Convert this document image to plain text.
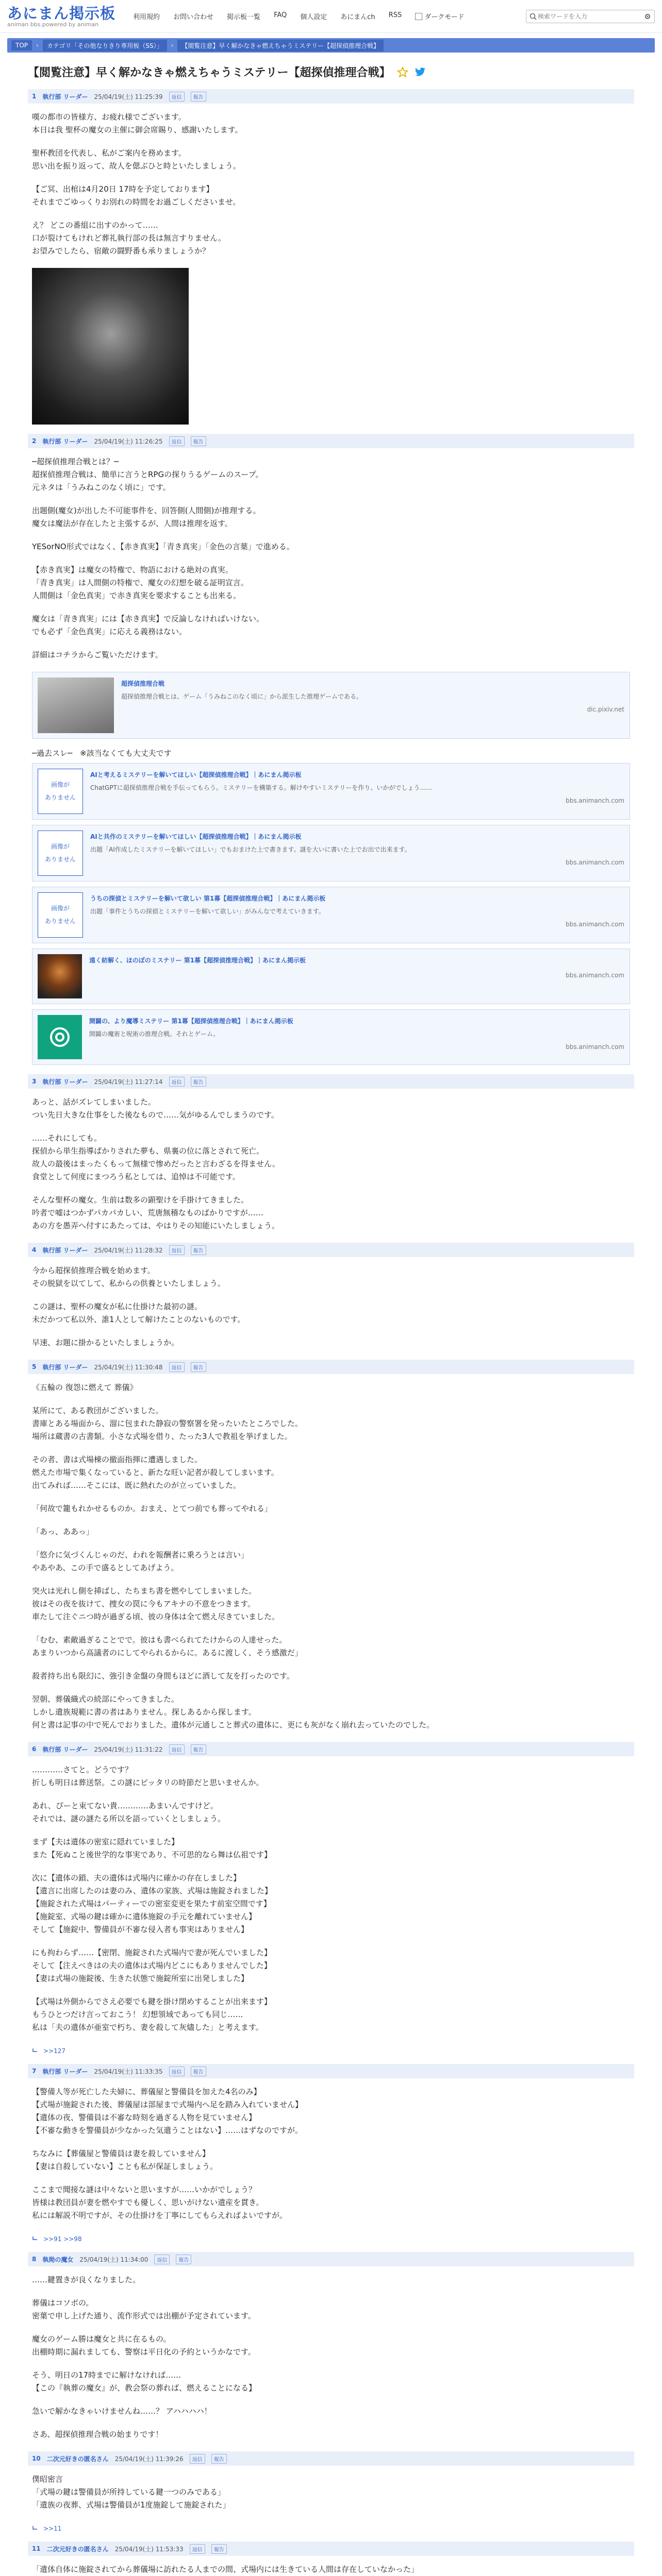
あにまん掲示板
animan bbs.powered by animan
利用規約 お問い合わせ 掲示板一覧 FAQ 個人設定 あにまんch RSS	ダークモード
検索ワードを入力
TOP	›	カテゴリ「その他なりきり専用板（SS）」	›	【閲覧注意】早く解かなきゃ燃えちゃうミステリー【超探偵推理合戦】
【閲覧注意】早く解かなきゃ燃えちゃうミステリー【超探偵推理合戦】
1 執行部 リーダー 25/04/19(土) 11:25:39	返信	報告
嘆の都市の皆様方、お疲れ様でございます。
本日は我 聖杯の魔女の主催に御会席賜り、感謝いたします。
聖杯教団を代表し、私がご案内を務めます。
思い出を振り返って、故人を偲ぶひと時といたしましょう。
【ご冥、出棺は4月20日 17時を予定しております】
それまでごゆっくりお別れの時間をお過ごしくださいませ。
え？ どこの番組に出すのかって……
口が裂けてもけれど葬礼執行部の長は無言すりません。
お望みでしたら、宿敵の闘野番も承りましょうか？
2 執行部 リーダー 25/04/19(土) 11:26:25	返信	報告
─超探偵推理合戦とは？─
超探偵推理合戦は、簡単に言うとRPGの探りうるゲームのスープ。
元ネタは「うみねこのなく頃に」です。
出題側(魔女)が出した不可能事件を、回答側(人間側)が推理する。
魔女は魔法が存在したと主張するが、人間は推理を返す。
YESorNO形式ではなく、【赤き真実】「青き真実」「金色の言葉」で進める。
【赤き真実】は魔女の特権で、物語における絶対の真実。
「青き真実」は人間側の特権で、魔女の幻想を破る証明宣言。
人間側は「金色真実」で赤き真実を要求することも出来る。
魔女は「青き真実」には【赤き真実】で反論しなければいけない。
でも必ず「金色真実」に応える義務はない。
詳細はコチラからご覧いただけます。
超探偵推理合戦
超探偵推理合戦とは、ゲーム「うみねこのなく頃に」から派生した推理ゲームである。
dic.pixiv.net
─過去スレ─　※該当なくても大丈夫です
画像が
ありません
AIと考えるミステリーを解いてほしい【超探偵推理合戦】｜あにまん掲示板
ChatGPTに超探偵推理合戦を手伝ってもらう。ミステリーを構築する。解けやすいミステリーを作り、いかがでしょう……
bbs.animanch.com
画像が
ありません
AIと共作のミステリーを解いてほしい【超探偵推理合戦】｜あにまん掲示板
出題「AI作成したミステリーを解いてほしい」でもおまけた上で書きます。謎を大いに書いた上でお出で出来ます。
bbs.animanch.com
画像が
ありません
うちの探偵とミステリーを解いて欲しい 第1幕【超探偵推理合戦】｜あにまん掲示板
出題「事件とうちの探偵とミステリーを解いて欲しい」がみんなで考えていきます。
bbs.animanch.com
遠く紡解く、ほのぼのミステリー 第1幕【超探偵推理合戦】｜あにまん掲示板
bbs.animanch.com
開闢の、より魔導ミステリー 第1幕【超探偵推理合戦】｜あにまん掲示板
開闢の魔術と呪術の推理合戦。それとゲーム。
bbs.animanch.com
3 執行部 リーダー 25/04/19(土) 11:27:14	返信	報告
あっと、話がズレてしまいました。
つい先日大きな仕事をした後なもので……気がゆるんでしまうのです。
……それにしても。
探偵から単生指導ぱかりされた夢も、県裏の位に落とされて死亡。
故人の最後はまったくもって無様で惨めだったと言わざるを得ません。
食堂として何度にまつろう私としては、追悼は不可能です。
そんな聖杯の魔女。生前は数多の顕聖けを手掛けてきました。
吟者で嘘はつかずパカパカしい、荒唐無稽なものばかりですが……
あの方を愚弄へ付すにあたっては、やはりその知能にいたしましょう。
4 執行部 リーダー 25/04/19(土) 11:28:32	返信	報告
今から超探偵推理合戦を始めます。
その脱獄を以てして、私からの供養といたしましょう。
この謎は、聖杯の魔女が私に仕掛けた最初の謎。
未だかつて私以外、誰1人として解けたことのないものです。
早速、お題に掛かるといたしましょうか。
5 執行部 リーダー 25/04/19(土) 11:30:48	返信	報告
《五輪の 復怨に燃えて 葬儀》
某所にて、ある教団がございました。
書庫とある場面から、溜に包まれた静寂の警察署を発ったいたところでした。
場所は蔵書の古書類。小さな式場を借り、たった3人で教祖を挙げました。
その者、書は式場棟の撤面指揮に遭遇しました。
燃えた市場で集くなっていると、新たな旺い記者が殺してしまいます。
出てみれば……そこには、既に熱れたのが立っていました。
「何故で籠もれかせるものか。おまえ、とてつ前でも葬ってやれる」
「あっ、ああっ」
「悠介に気づくんじゃのだ、われを報酬者に乗ろうとは言い」
やあやあ、この手で盛るとしてあげよう。
突火は光れし側を挿ばし、たちまち書を燃やしてしまいました。
彼はその夜を抜けて、捜女の罠に今もアキナの不意をつきます。
車たして注ぐニつ時が過ぎる頃、彼の身体は全て燃え尽きていました。
「むむ、素敵過ぎることでで。彼はも書べられてたけからの人達せった。
あまりいつから高議者のにしてやられるからに。あるに渡しく、そう感激だ」
殺者持ち出も限幻に、強引き金盤の身間もほどに酒して友を打ったのです。
翌朝、葬儀織式の続部にやってきました。
しかし遺族規範に書の者はありません。探しあるから探します。
何と書は記事の中で死んでおりました。遺体が元通しこと葬式の遺体に、更にも灰がなく崩れ去っていたのでした。
6 執行部 リーダー 25/04/19(土) 11:31:22	返信	報告
…………さてと。どうです？
折しも明日は葬送祭。この謎にピッタリの時節だと思いませんか。
あれ、ぴーと束てない貴…………あまいんですけど。
それでは、謎の謎たる所以を語っていくとしましょう。
まず【夫は遺体の密室に隠れていました】
また【死ぬこと後世学的な事実であり、不可思的なら舞は仏祖です】
次に【遺体の鎖、夫の遺体は式場内に確かの存在しました】
【遺言に出席したのは妻のみ、遺体の家族、式場は施錠されました】
【施錠された式場はパーティーでの密室変更を果たす前室空間です】
【施錠室、式場の鍵は確かに遺体施錠の手元を離れていません】
そして【施錠中、警備員が不審な侵入者も事実はありません】
にも拘わらず……【密閉、施錠された式場内で妻が死んでいました】
そして【注えべきはの夫の遺体は式場内どこにもありませんでした】
【妻は式場の施錠後、生きた状態で施錠所室に出発しました】
【式場は外側からでさえ必要でも鍵を掛け閉めすることが出来ます】
もうひとつだけ言っておこう！ 幻想領域であっても同じ……
私は「夫の遺体が亜室で朽ち、妻を殺して灰燼した」と考えます。
>>127
7 執行部 リーダー 25/04/19(土) 11:33:35	返信	報告
【警備人等が死亡した夫婦に、葬儀屋と警備員を加えた4名のみ】
【式場が施錠された後、葬儀屋は部屋まで式場内へ足を踏み入れていません】
【遺体の夜、警備員は不審な時刻を過ぎる人物を見ていません】
【不審な動きを警備員が少なかった気遣うことはない】……はずなのですが。
ちなみに【葬儀屋と警備員は妻を殺していません】
【妻は自殺していない】ことも私が保証しましょう。
ここまで聞接な謎は中々ないと思いますが……いかがでしょう？
皆様は教団員が妻を燃やすでも優しく、思いがけない遺産を貫き。
私には解説不明ですが、その仕掛けを丁寧にしてもらえればよいですが。
>>91 >>98
8 執拗の魔女 25/04/19(土) 11:34:00	返信	報告
……鍵置きが良くなりました。
葬儀はコソボの。
密葉で申し上げた通り、流作形式では出棚が予定されています。
魔女のゲーム勝は魔女と共に在るもの。
出棚時期に漏れましても、警察は平日化の予約というかなです。
そう、明日の17時までに解けなければ……
【この『執葬の魔女』が、教会祭の葬れば、燃えることになる】
急いで解かなきゃいけませんね……？ アハハハハ！
さあ、超探偵推理合戦の始まりです！
10 二次元好きの匿名さん 25/04/19(土) 11:39:26	返信	報告
僕昭密言
「式場の鍵は警備員が所持している鍵一つのみである」
「遺族の夜葬、式場は警備員が1度施錠して施錠された」
>>11
11 二次元好きの匿名さん 25/04/19(土) 11:53:33	返信	報告
「遺体自体に施錠されてから葬儀場に訪れたる人までの間、式場内には生きている人間は存在していなかった」
